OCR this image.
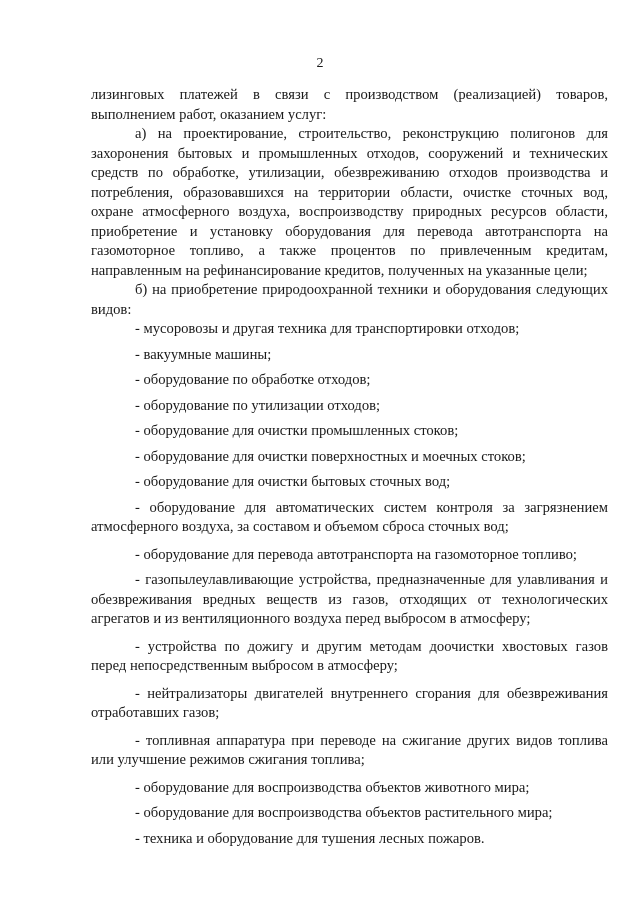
2

лизинговых платежей в связи с производством (реализацией) товаров, выполнением работ, оказанием услуг:

а) на проектирование, строительство, реконструкцию полигонов для захоронения бытовых и промышленных отходов, сооружений и технических средств по обработке, утилизации, обезвреживанию отходов производства и потребления, образовавшихся на территории области, очистке сточных вод, охране атмосферного воздуха, воспроизводству природных ресурсов области, приобретение и установку оборудования для перевода автотранспорта на газомоторное топливо, а также процентов по привлеченным кредитам, направленным на рефинансирование кредитов, полученных на указанные цели;

б) на приобретение природоохранной техники и оборудования следующих видов:

- мусоровозы и другая техника для транспортировки отходов;

- вакуумные машины;

- оборудование по обработке отходов;

- оборудование по утилизации отходов;

- оборудование для очистки промышленных стоков;

- оборудование для очистки поверхностных и моечных стоков;

- оборудование для очистки бытовых сточных вод;

- оборудование для автоматических систем контроля за загрязнением атмосферного воздуха, за составом и объемом сброса сточных вод;

- оборудование для перевода автотранспорта на газомоторное топливо;

- газопылеулавливающие устройства, предназначенные для улавливания и обезвреживания вредных веществ из газов, отходящих от технологических агрегатов и из вентиляционного воздуха перед выбросом в атмосферу;

- устройства по дожигу и другим методам доочистки хвостовых газов перед непосредственным выбросом в атмосферу;

- нейтрализаторы двигателей внутреннего сгорания для обезвреживания отработавших газов;

- топливная аппаратура при переводе на сжигание других видов топлива или улучшение режимов сжигания топлива;

- оборудование для воспроизводства объектов животного мира;

- оборудование для воспроизводства объектов растительного мира;

- техника и оборудование для тушения лесных пожаров.
